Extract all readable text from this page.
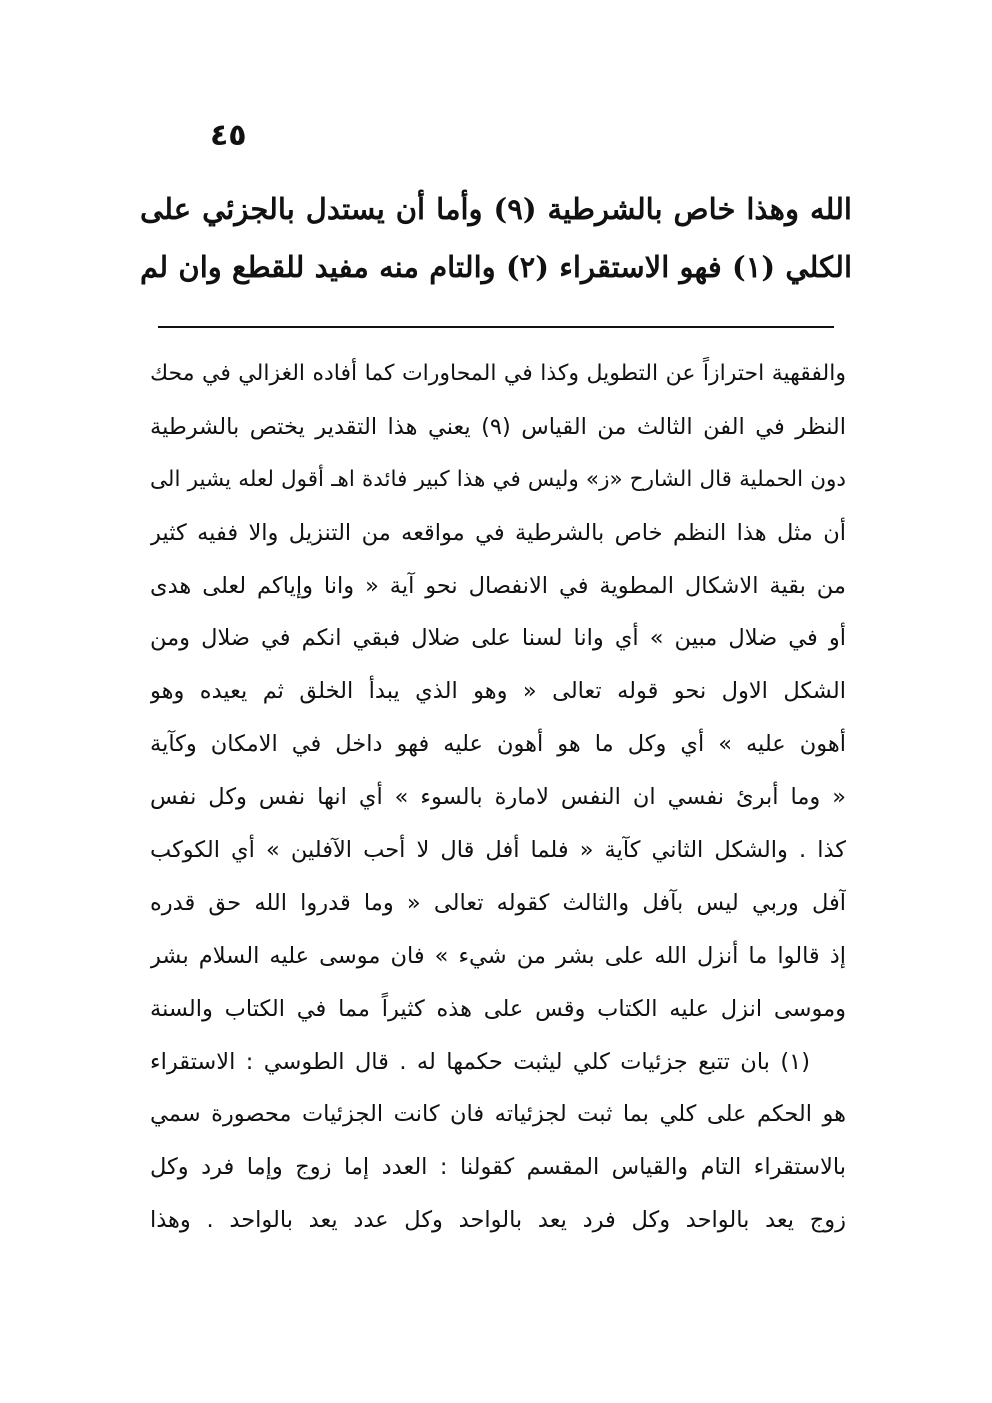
٤٥
الله وهذا خاص بالشرطية (٩) وأما أن يستدل بالجزئي على
الكلي (١) فهو الاستقراء (٢) والتام منه مفيد للقطع وان لم
والفقهية احترازاً عن التطويل وكذا في المحاورات كما أفاده الغزالي في محك
النظر في الفن الثالث من القياس (٩) يعني هذا التقدير يختص بالشرطية
دون الحملية قال الشارح «ز» وليس في هذا كبير فائدة اهـ أقول لعله يشير الى
أن مثل هذا النظم خاص بالشرطية في مواقعه من التنزيل والا ففيه كثير
من بقية الاشكال المطوية في الانفصال نحو آية « وانا وإياكم لعلى هدى
أو في ضلال مبين » أي وانا لسنا على ضلال فبقي انكم في ضلال ومن
الشكل الاول نحو قوله تعالى « وهو الذي يبدأ الخلق ثم يعيده وهو
أهون عليه » أي وكل ما هو أهون عليه فهو داخل في الامكان وكآية
« وما أبرئ نفسي ان النفس لامارة بالسوء » أي انها نفس وكل نفس
كذا . والشكل الثاني كآية « فلما أفل قال لا أحب الآفلين » أي الكوكب
آفل وربي ليس بآفل والثالث كقوله تعالى « وما قدروا الله حق قدره
إذ قالوا ما أنزل الله على بشر من شيء » فان موسى عليه السلام بشر
وموسى انزل عليه الكتاب وقس على هذه كثيراً مما في الكتاب والسنة
(١) بان تتبع جزئيات كلي ليثبت حكمها له . قال الطوسي : الاستقراء
هو الحكم على كلي بما ثبت لجزئياته فان كانت الجزئيات محصورة سمي
بالاستقراء التام والقياس المقسم كقولنا : العدد إما زوج وإما فرد وكل
زوج يعد بالواحد وكل فرد يعد بالواحد وكل عدد يعد بالواحد . وهذا
